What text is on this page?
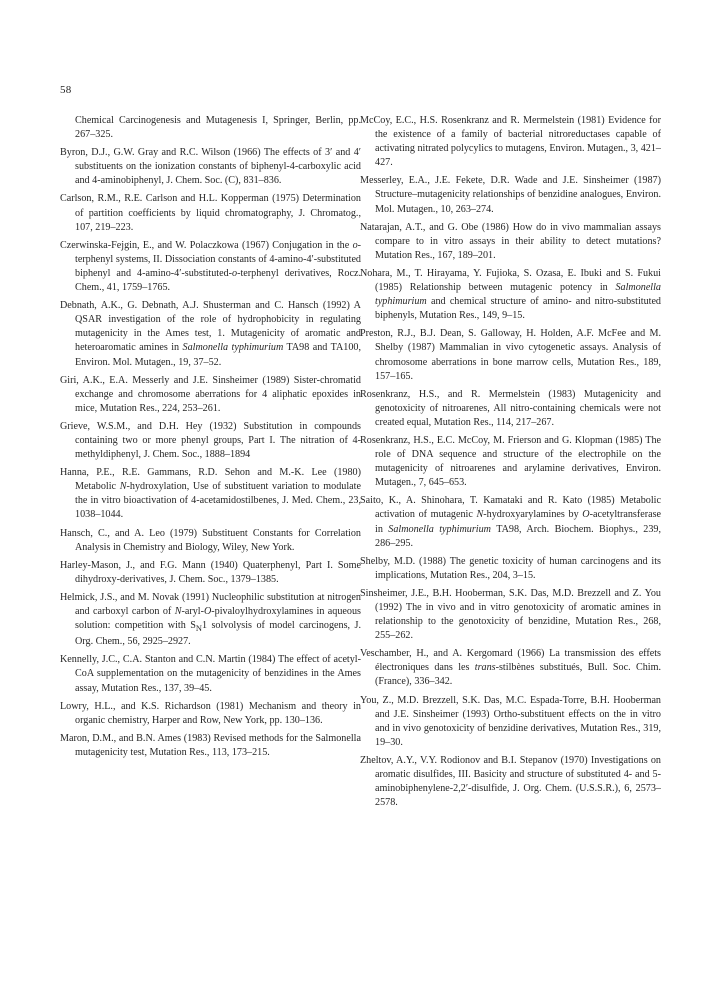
58

Chemical Carcinogenesis and Mutagenesis I, Springer, Berlin, pp. 267–325.

Byron, D.J., G.W. Gray and R.C. Wilson (1966) The effects of 3′ and 4′ substituents on the ionization constants of biphenyl-4-carboxylic acid and 4-aminobiphenyl, J. Chem. Soc. (C), 831–836.

Carlson, R.M., R.E. Carlson and H.L. Kopperman (1975) Determination of partition coefficients by liquid chromatography, J. Chromatog., 107, 219–223.

Czerwinska-Fejgin, E., and W. Polaczkowa (1967) Conjugation in the o-terphenyl systems, II. Dissociation constants of 4-amino-4′-substituted biphenyl and 4-amino-4′-substituted-o-terphenyl derivatives, Rocz. Chem., 41, 1759–1765.

Debnath, A.K., G. Debnath, A.J. Shusterman and C. Hansch (1992) A QSAR investigation of the role of hydrophobicity in regulating mutagenicity in the Ames test, 1. Mutagenicity of aromatic and heteroaromatic amines in Salmonella typhimurium TA98 and TA100, Environ. Mol. Mutagen., 19, 37–52.

Giri, A.K., E.A. Messerly and J.E. Sinsheimer (1989) Sister-chromatid exchange and chromosome aberrations for 4 aliphatic epoxides in mice, Mutation Res., 224, 253–261.

Grieve, W.S.M., and D.H. Hey (1932) Substitution in compounds containing two or more phenyl groups, Part I. The nitration of 4-methyldiphenyl, J. Chem. Soc., 1888–1894

Hanna, P.E., R.E. Gammans, R.D. Sehon and M.-K. Lee (1980) Metabolic N-hydroxylation, Use of substituent variation to modulate the in vitro bioactivation of 4-acetamidostilbenes, J. Med. Chem., 23, 1038–1044.

Hansch, C., and A. Leo (1979) Substituent Constants for Correlation Analysis in Chemistry and Biology, Wiley, New York.

Harley-Mason, J., and F.G. Mann (1940) Quaterphenyl, Part I. Some dihydroxy-derivatives, J. Chem. Soc., 1379–1385.

Helmick, J.S., and M. Novak (1991) Nucleophilic substitution at nitrogen and carboxyl carbon of N-aryl-O-pivaloylhydroxylamines in aqueous solution: competition with $S_N1$ solvolysis of model carcinogens, J. Org. Chem., 56, 2925–2927.

Kennelly, J.C., C.A. Stanton and C.N. Martin (1984) The effect of acetyl-CoA supplementation on the mutagenicity of benzidines in the Ames assay, Mutation Res., 137, 39–45.

Lowry, H.L., and K.S. Richardson (1981) Mechanism and theory in organic chemistry, Harper and Row, New York, pp. 130–136.

Maron, D.M., and B.N. Ames (1983) Revised methods for the Salmonella mutagenicity test, Mutation Res., 113, 173–215.

McCoy, E.C., H.S. Rosenkranz and R. Mermelstein (1981) Evidence for the existence of a family of bacterial nitroreductases capable of activating nitrated polycylics to mutagens, Environ. Mutagen., 3, 421–427.

Messerley, E.A., J.E. Fekete, D.R. Wade and J.E. Sinsheimer (1987) Structure–mutagenicity relationships of benzidine analogues, Environ. Mol. Mutagen., 10, 263–274.

Natarajan, A.T., and G. Obe (1986) How do in vivo mammalian assays compare to in vitro assays in their ability to detect mutations? Mutation Res., 167, 189–201.

Nohara, M., T. Hirayama, Y. Fujioka, S. Ozasa, E. Ibuki and S. Fukui (1985) Relationship between mutagenic potency in Salmonella typhimurium and chemical structure of amino- and nitro-substituted biphenyls, Mutation Res., 149, 9–15.

Preston, R.J., B.J. Dean, S. Galloway, H. Holden, A.F. McFee and M. Shelby (1987) Mammalian in vivo cytogenetic assays. Analysis of chromosome aberrations in bone marrow cells, Mutation Res., 189, 157–165.

Rosenkranz, H.S., and R. Mermelstein (1983) Mutagenicity and genotoxicity of nitroarenes, All nitro-containing chemicals were not created equal, Mutation Res., 114, 217–267.

Rosenkranz, H.S., E.C. McCoy, M. Frierson and G. Klopman (1985) The role of DNA sequence and structure of the electrophile on the mutagenicity of nitroarenes and arylamine derivatives, Environ. Mutagen., 7, 645–653.

Saito, K., A. Shinohara, T. Kamataki and R. Kato (1985) Metabolic activation of mutagenic N-hydroxyarylamines by O-acetyltransferase in Salmonella typhimurium TA98, Arch. Biochem. Biophys., 239, 286–295.

Shelby, M.D. (1988) The genetic toxicity of human carcinogens and its implications, Mutation Res., 204, 3–15.

Sinsheimer, J.E., B.H. Hooberman, S.K. Das, M.D. Brezzell and Z. You (1992) The in vivo and in vitro genotoxicity of aromatic amines in relationship to the genotoxicity of benzidine, Mutation Res., 268, 255–262.

Veschamber, H., and A. Kergomard (1966) La transmission des effets électroniques dans les trans-stilbènes substitués, Bull. Soc. Chim. (France), 336–342.

You, Z., M.D. Brezzell, S.K. Das, M.C. Espada-Torre, B.H. Hooberman and J.E. Sinsheimer (1993) Ortho-substituent effects on the in vitro and in vivo genotoxicity of benzidine derivatives, Mutation Res., 319, 19–30.

Zheltov, A.Y., V.Y. Rodionov and B.I. Stepanov (1970) Investigations on aromatic disulfides, III. Basicity and structure of substituted 4- and 5-aminobiphenylene-2,2′-disulfide, J. Org. Chem. (U.S.S.R.), 6, 2573–2578.
